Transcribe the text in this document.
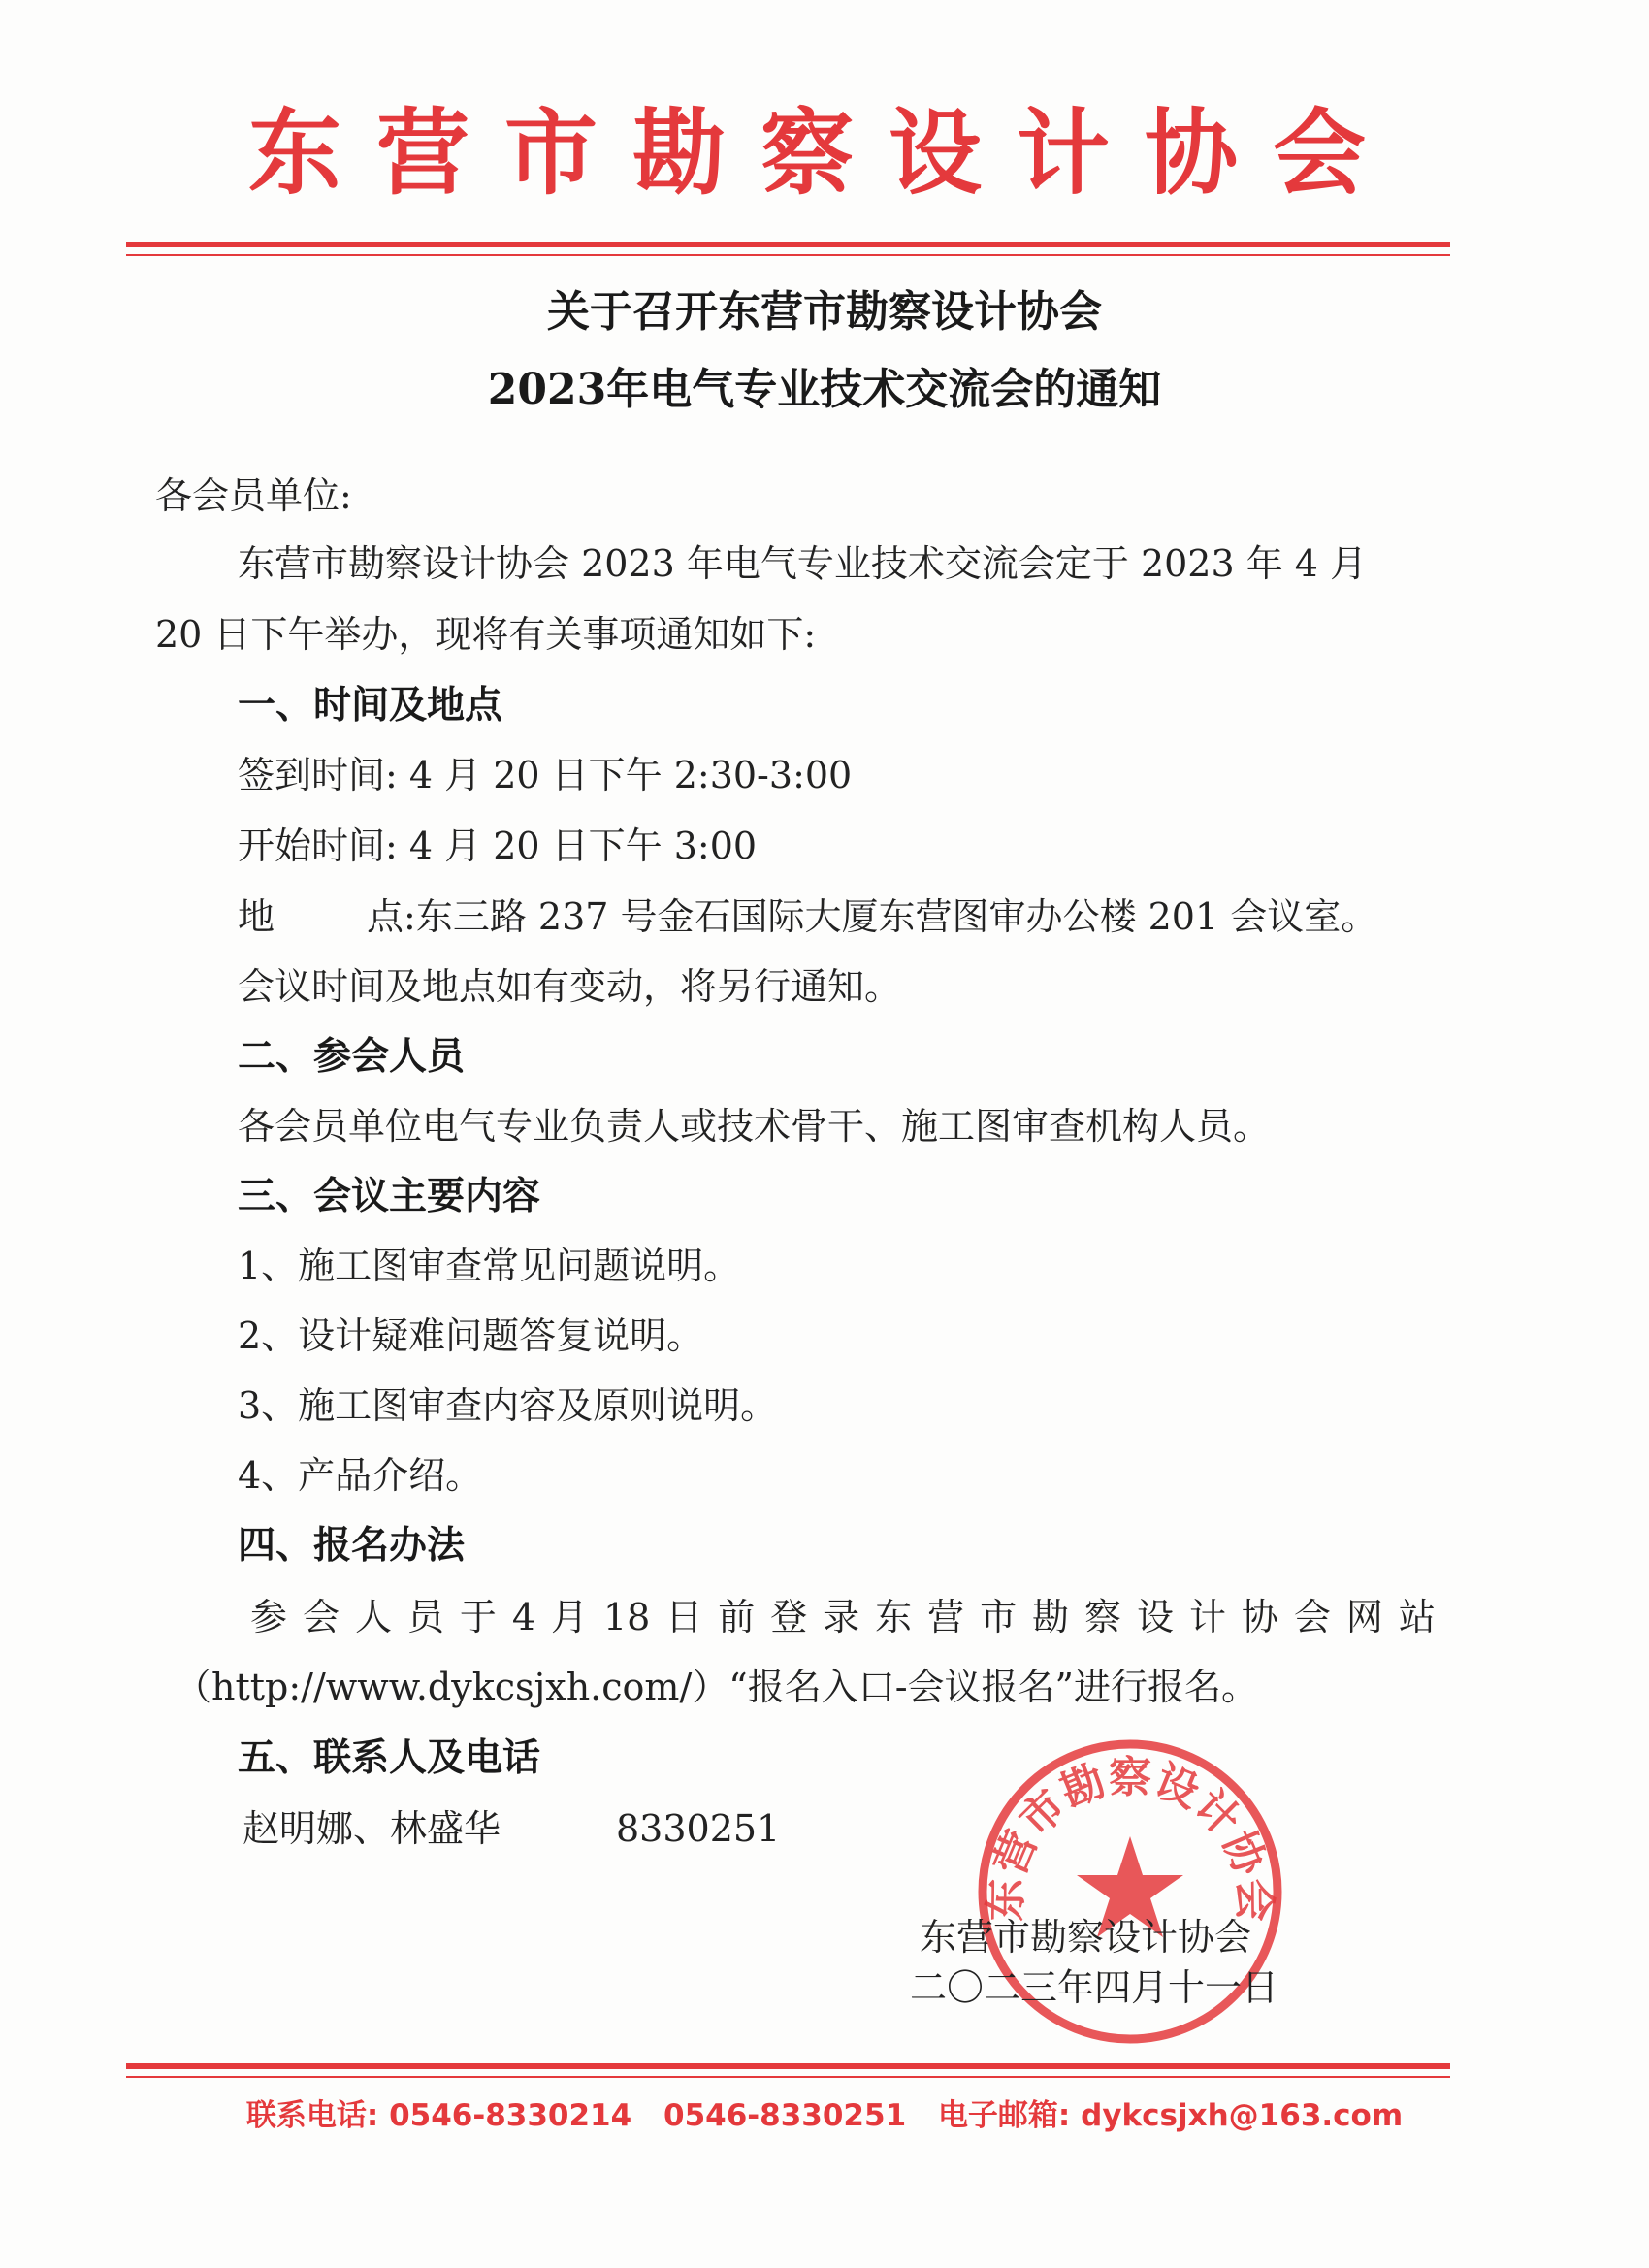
东营市勘察设计协会
关于召开东营市勘察设计协会
2023年电气专业技术交流会的通知
各会员单位:
东营市勘察设计协会 2023 年电气专业技术交流会定于 2023 年 4 月
20 日下午举办，现将有关事项通知如下:
一、时间及地点
签到时间: 4 月 20 日下午 2:30-3:00
开始时间: 4 月 20 日下午 3:00
地	点:东三路 237 号金石国际大厦东营图审办公楼 201 会议室。
会议时间及地点如有变动，将另行通知。
二、参会人员
各会员单位电气专业负责人或技术骨干、施工图审查机构人员。
三、会议主要内容
1、施工图审查常见问题说明。
2、设计疑难问题答复说明。
3、施工图审查内容及原则说明。
4、产品介绍。
四、报名办法
参 会 人 员 于 4 月 18 日 前 登 录 东 营 市 勘 察 设 计 协 会 网 站
（http://www.dykcsjxh.com/）“报名入口-会议报名”进行报名。
五、联系人及电话
赵明娜、林盛华	8330251
东营市勘察设计协会
东营市勘察设计协会
二〇二三年四月十一日
联系电话: 0546-8330214 0546-8330251 电子邮箱: dykcsjxh@163.com
